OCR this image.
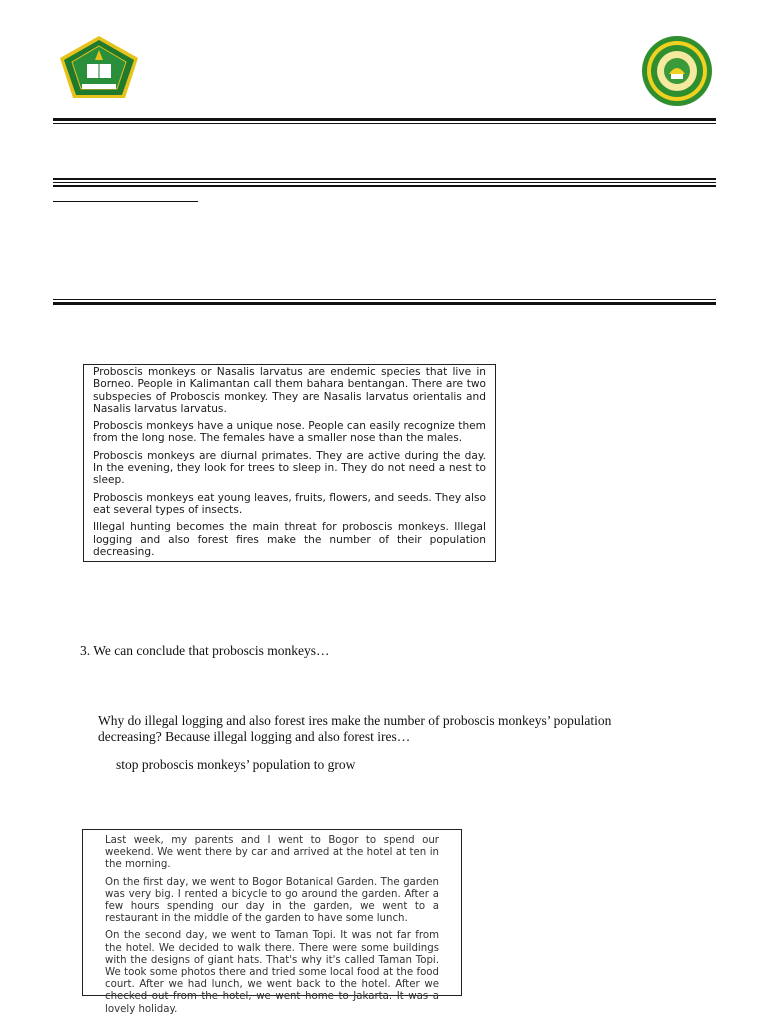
Proboscis monkeys or Nasalis larvatus are endemic species that live in Borneo. People in Kalimantan call them bahara bentangan. There are two subspecies of Proboscis monkey. They are Nasalis larvatus orientalis and Nasalis larvatus larvatus.

Proboscis monkeys have a unique nose. People can easily recognize them from the long nose. The females have a smaller nose than the males.

Proboscis monkeys are diurnal primates. They are active during the day. In the evening, they look for trees to sleep in. They do not need a nest to sleep.

Proboscis monkeys eat young leaves, fruits, flowers, and seeds. They also eat several types of insects.

Illegal hunting becomes the main threat for proboscis monkeys. Illegal logging and also forest fires make the number of their population decreasing.

3. We can conclude that proboscis monkeys…
Why do illegal logging and also forest ires make the number of proboscis monkeys’ population
decreasing? Because illegal logging and also forest ires…
stop proboscis monkeys’ population to grow

Last week, my parents and I went to Bogor to spend our weekend. We went there by car and arrived at the hotel at ten in the morning.

On the first day, we went to Bogor Botanical Garden. The garden was very big. I rented a bicycle to go around the garden. After a few hours spending our day in the garden, we went to a restaurant in the middle of the garden to have some lunch.

On the second day, we went to Taman Topi. It was not far from the hotel. We decided to walk there. There were some buildings with the designs of giant hats. That's why it's called Taman Topi. We took some photos there and tried some local food at the food court. After we had lunch, we went back to the hotel. After we checked out from the hotel, we went home to Jakarta. It was a lovely holiday.
